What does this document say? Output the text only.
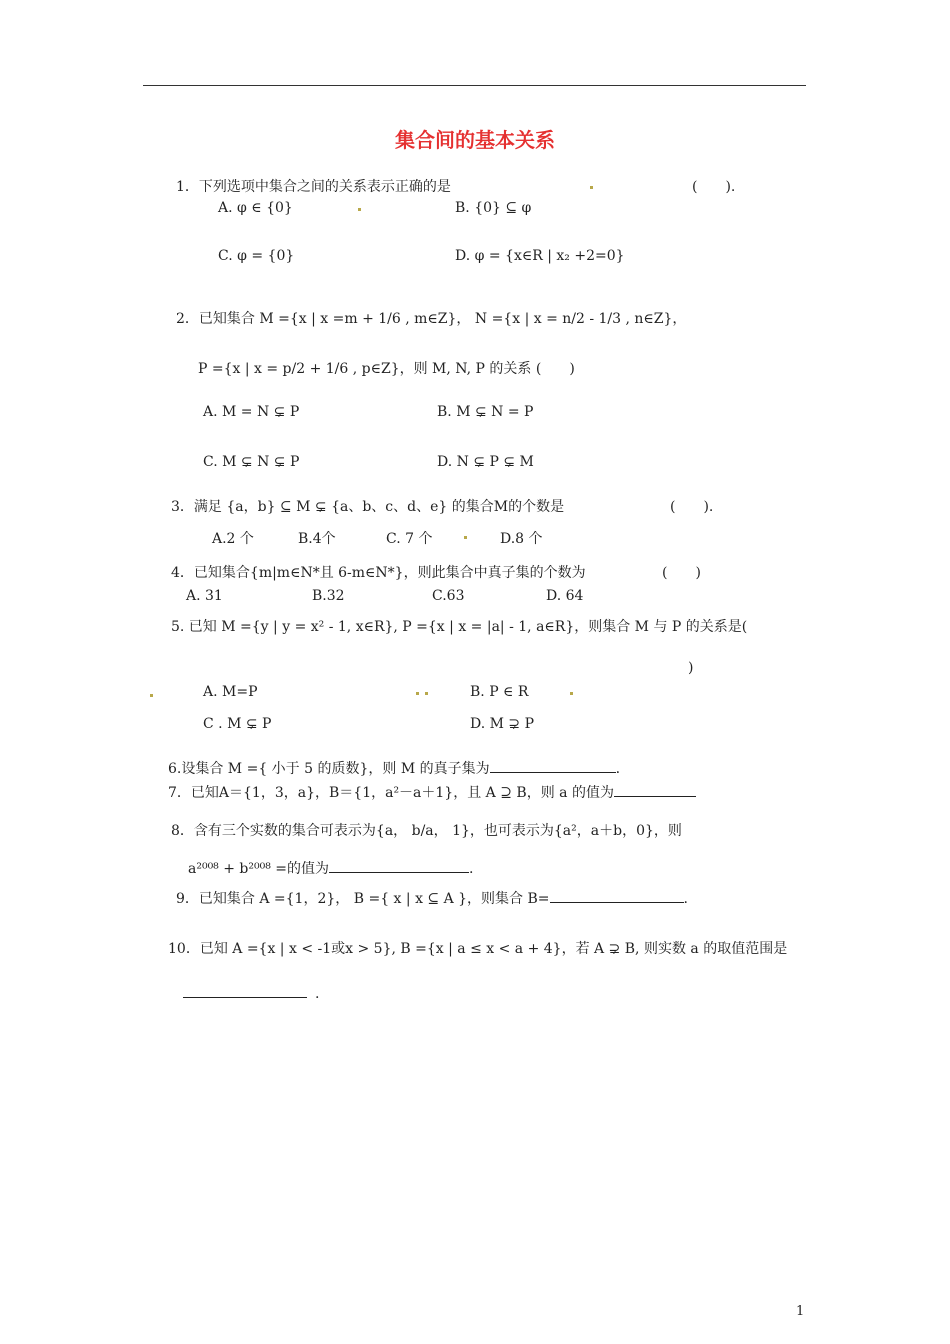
集合间的基本关系
1．下列选项中集合之间的关系表示正确的是	(　　).
A. φ ∈ {0}	B. {0} ⊆ φ
C. φ = {0}	D. φ = {x∈R | x₂ +2=0}
2．已知集合 M ={x | x =m + 1/6 , m∈Z}， N ={x | x = n/2 - 1/3 , n∈Z}，
P ={x | x = p/2 + 1/6 , p∈Z}，则 M, N, P 的关系 (　　)
A. M = N ⊊ P	B. M ⊊ N = P
C. M ⊊ N ⊊ P	D. N ⊊ P ⊊ M
3．满足 {a，b} ⊆ M ⊊ {a、b、c、d、e} 的集合M的个数是	(　　).
A.2 个	B.4个	C. 7 个	D.8 个
4．已知集合{m|m∈N*且 6-m∈N*}，则此集合中真子集的个数为	(　　)
A. 31	B.32	C.63	D. 64
5. 已知 M ={y | y = x² - 1, x∈R}, P ={x | x = |a| - 1, a∈R}，则集合 M 与 P 的关系是(
)
A. M=P	B. P ∈ R
C . M ⊊ P	D. M ⊋ P
6.设集合 M ={ 小于 5 的质数}，则 M 的真子集为	.
7．已知A＝{1，3，a}，B＝{1，a²－a＋1}，且 A ⊇ B，则 a 的值为
8．含有三个实数的集合可表示为{a， b/a， 1}，也可表示为{a²，a＋b，0}，则
a²⁰⁰⁸ + b²⁰⁰⁸ =的值为	.
9．已知集合 A ={1，2}， B ={ x | x ⊆ A }，则集合 B=	.
10．已知 A ={x | x < -1或x > 5}, B ={x | a ≤ x < a + 4}，若 A ⊋ B, 则实数 a 的取值范围是
.
1
